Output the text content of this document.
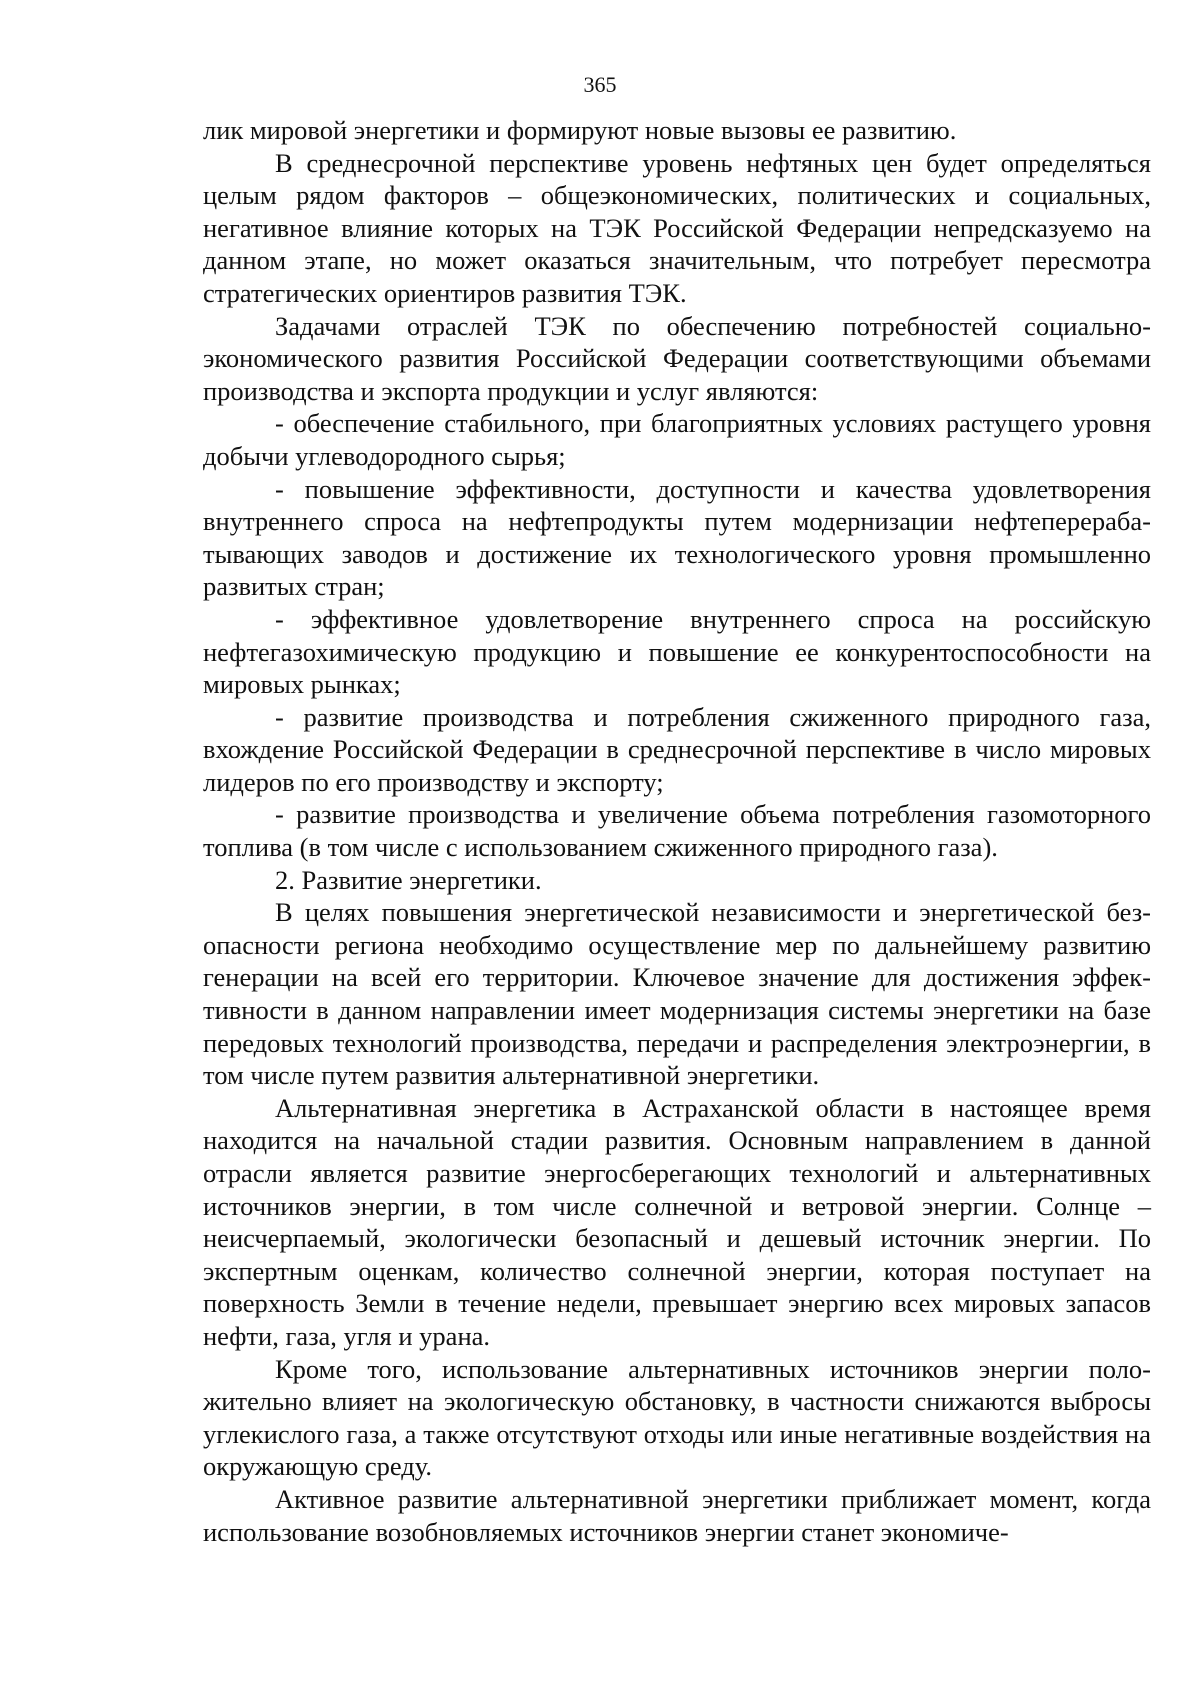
365

лик мировой энергетики и формируют новые вызовы ее развитию.

В среднесрочной перспективе уровень нефтяных цен будет определяться целым рядом факторов – общеэкономических, политических и социальных, негативное влияние которых на ТЭК Российской Федерации непредсказуемо на данном этапе, но может оказаться значительным, что потребует пересмотра стратегических ориентиров развития ТЭК.

Задачами отраслей ТЭК по обеспечению потребностей социально-экономического развития Российской Федерации соответствующими объемами производства и экспорта продукции и услуг являются:

- обеспечение стабильного, при благоприятных условиях растущего уровня добычи углеводородного сырья;

- повышение эффективности, доступности и качества удовлетворения внутреннего спроса на нефтепродукты путем модернизации нефтеперерабатывающих заводов и достижение их технологического уровня промышленно развитых стран;

- эффективное удовлетворение внутреннего спроса на российскую нефтегазохимическую продукцию и повышение ее конкурентоспособности на мировых рынках;

- развитие производства и потребления сжиженного природного газа, вхождение Российской Федерации в среднесрочной перспективе в число мировых лидеров по его производству и экспорту;

- развитие производства и увеличение объема потребления газомоторного топлива (в том числе с использованием сжиженного природного газа).

2. Развитие энергетики.

В целях повышения энергетической независимости и энергетической безопасности региона необходимо осуществление мер по дальнейшему развитию генерации на всей его территории. Ключевое значение для достижения эффективности в данном направлении имеет модернизация системы энергетики на базе передовых технологий производства, передачи и распределения электроэнергии, в том числе путем развития альтернативной энергетики.

Альтернативная энергетика в Астраханской области в настоящее время находится на начальной стадии развития. Основным направлением в данной отрасли является развитие энергосберегающих технологий и альтернативных источников энергии, в том числе солнечной и ветровой энергии. Солнце – неисчерпаемый, экологически безопасный и дешевый источник энергии. По экспертным оценкам, количество солнечной энергии, которая поступает на поверхность Земли в течение недели, превышает энергию всех мировых запасов нефти, газа, угля и урана.

Кроме того, использование альтернативных источников энергии положительно влияет на экологическую обстановку, в частности снижаются выбросы углекислого газа, а также отсутствуют отходы или иные негативные воздействия на окружающую среду.

Активное развитие альтернативной энергетики приближает момент, когда использование возобновляемых источников энергии станет экономиче-
